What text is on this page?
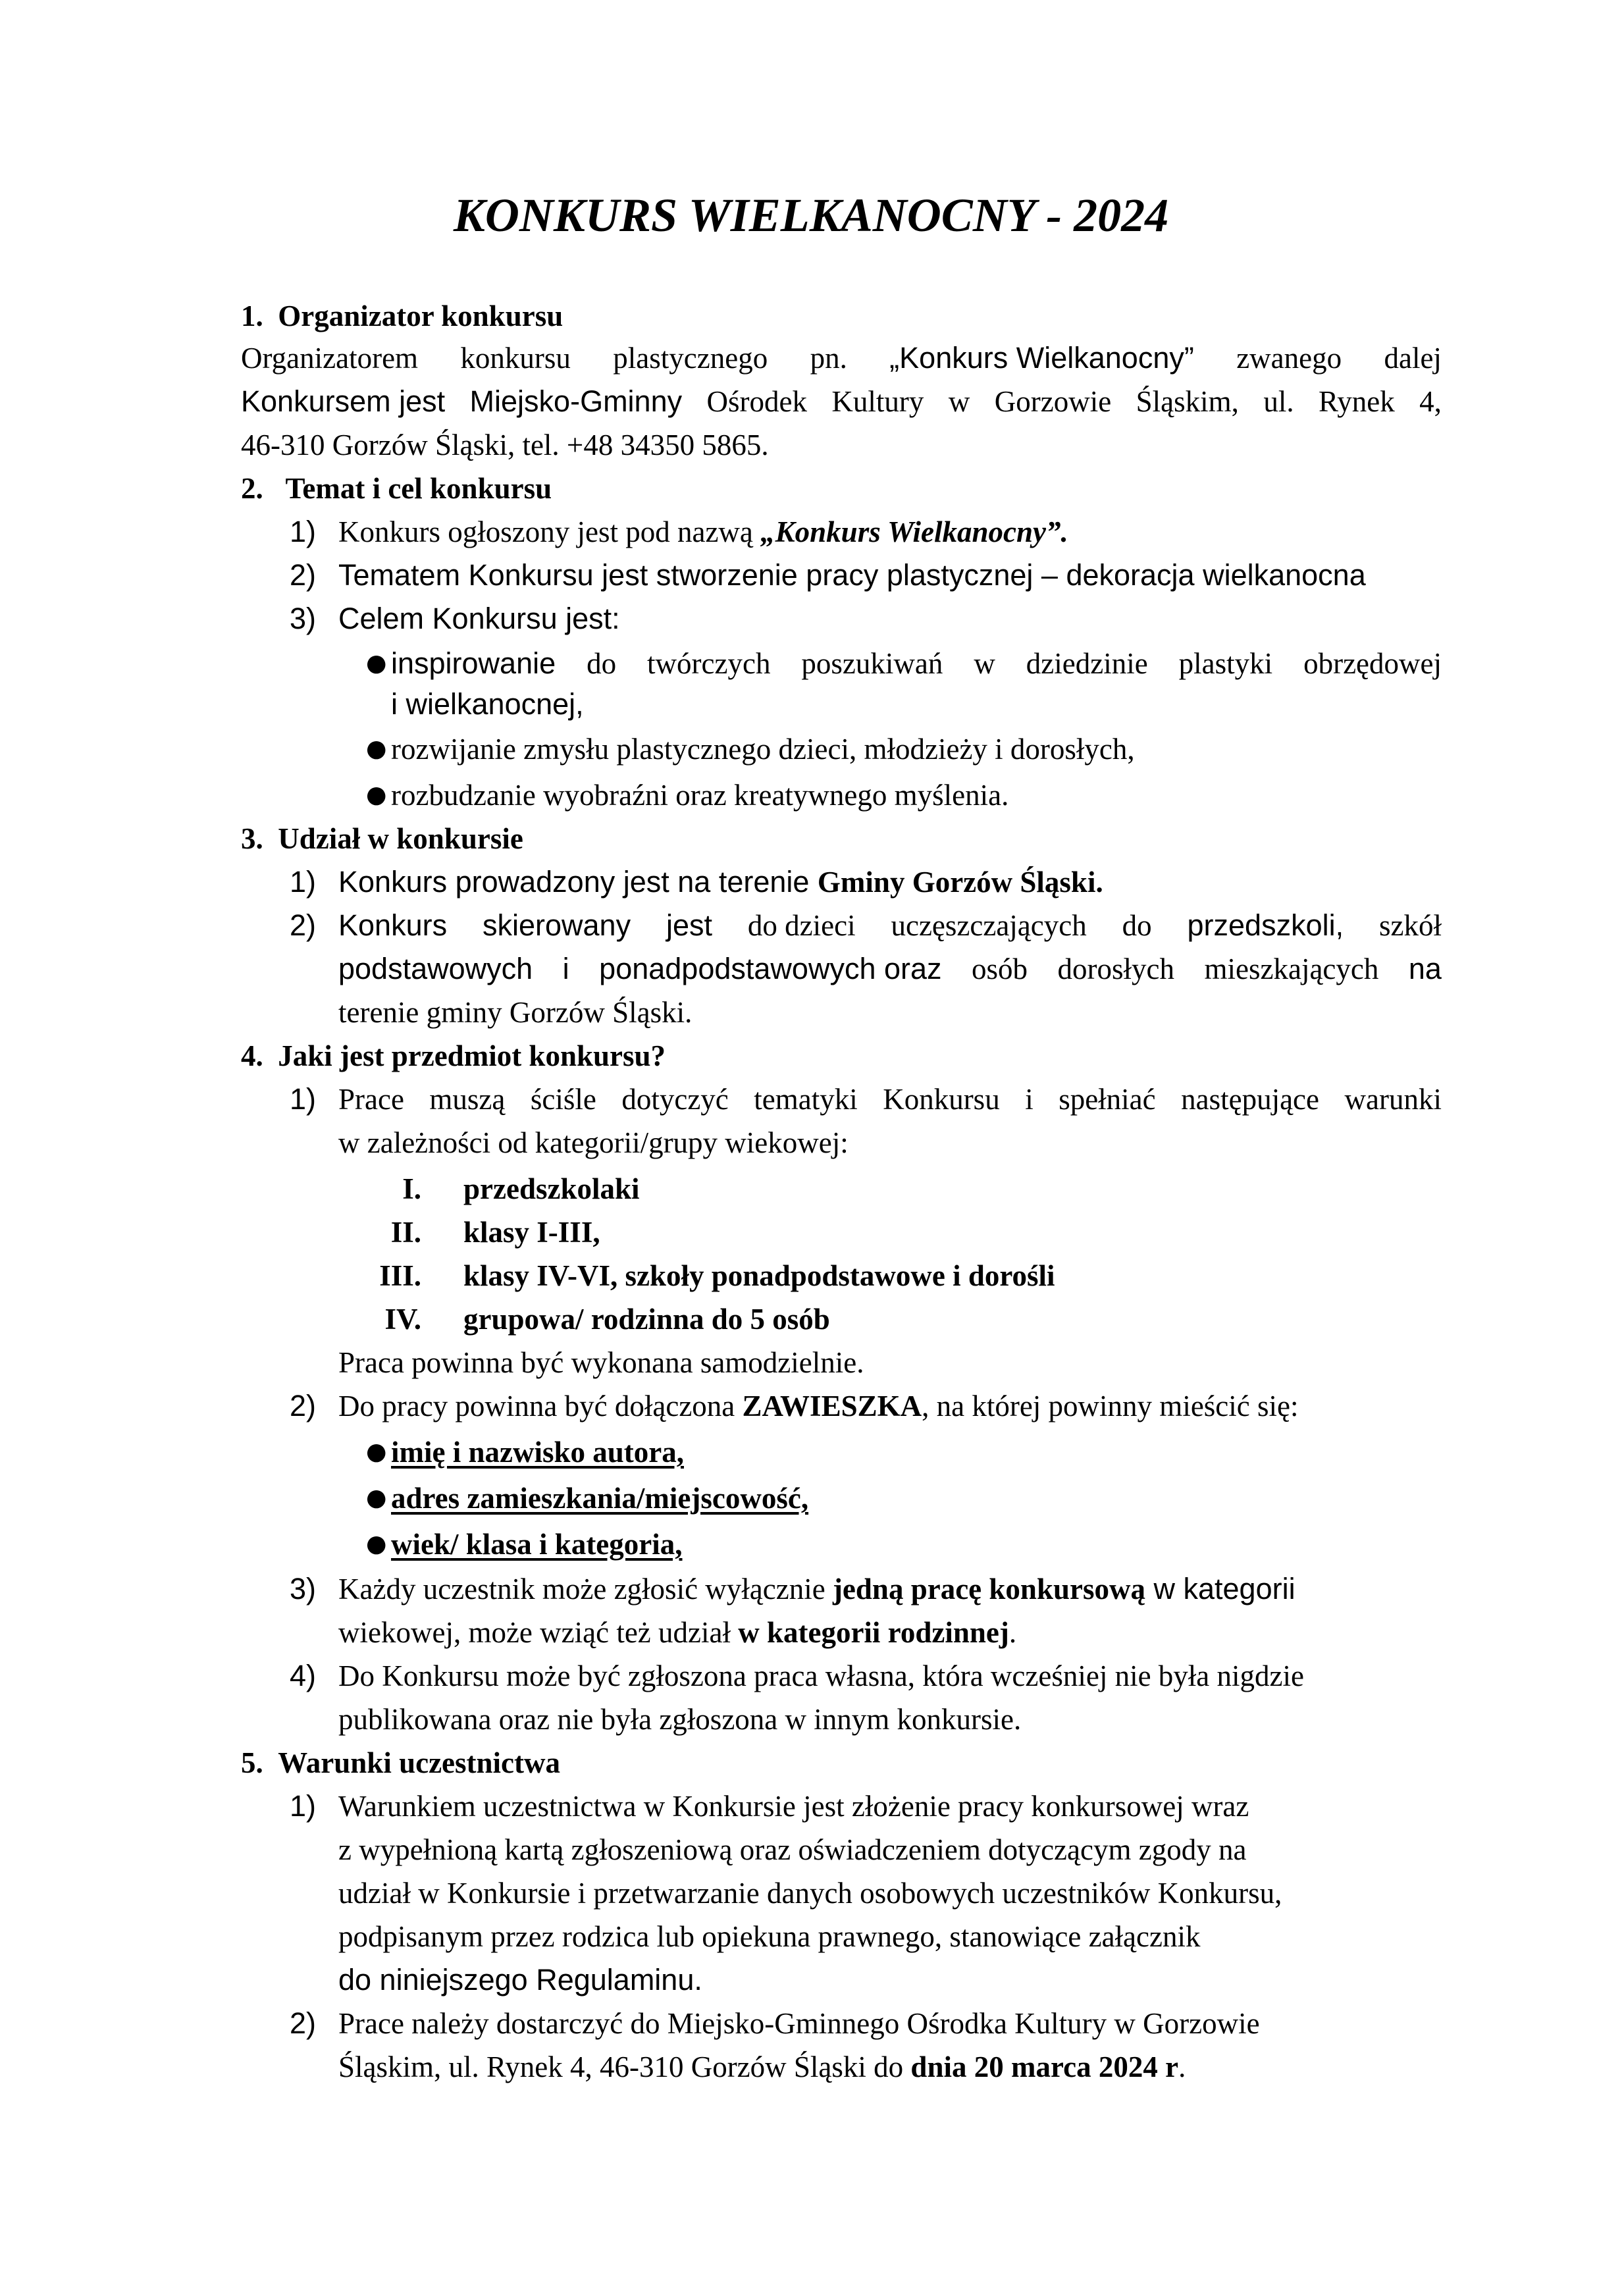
KONKURS WIELKANOCNY - 2024
1. Organizator konkursu
Organizatorem konkursu plastycznego pn. „Konkurs Wielkanocny” zwanego dalej
Konkursem jest Miejsko-Gminny Ośrodek Kultury w Gorzowie Śląskim, ul. Rynek 4,
46-310 Gorzów Śląski, tel. +48 34350 5865.
2. Temat i cel konkursu
1) Konkurs ogłoszony jest pod nazwą „Konkurs Wielkanocny”.
2) Tematem Konkursu jest stworzenie pracy plastycznej – dekoracja wielkanocna
3) Celem Konkursu jest:
● inspirowanie do twórczych poszukiwań w dziedzinie plastyki obrzędowej
i wielkanocnej,
● rozwijanie zmysłu plastycznego dzieci, młodzieży i dorosłych,
● rozbudzanie wyobraźni oraz kreatywnego myślenia.
3. Udział w konkursie
1) Konkurs prowadzony jest na terenie Gminy Gorzów Śląski.
2) Konkurs skierowany jest do dzieci uczęszczających do przedszkoli, szkół
podstawowych i ponadpodstawowych oraz osób dorosłych mieszkających na
terenie gminy Gorzów Śląski.
4. Jaki jest przedmiot konkursu?
1) Prace muszą ściśle dotyczyć tematyki Konkursu i spełniać następujące warunki
w zależności od kategorii/grupy wiekowej:
I. przedszkolaki
II. klasy I-III,
III. klasy IV-VI, szkoły ponadpodstawowe i dorośli
IV. grupowa/ rodzinna do 5 osób
Praca powinna być wykonana samodzielnie.
2) Do pracy powinna być dołączona ZAWIESZKA, na której powinny mieścić się:
● imię i nazwisko autora,
● adres zamieszkania/miejscowość,
● wiek/ klasa i kategoria,
3) Każdy uczestnik może zgłosić wyłącznie jedną pracę konkursową w kategorii
wiekowej, może wziąć też udział w kategorii rodzinnej.
4) Do Konkursu może być zgłoszona praca własna, która wcześniej nie była nigdzie
publikowana oraz nie była zgłoszona w innym konkursie.
5. Warunki uczestnictwa
1) Warunkiem uczestnictwa w Konkursie jest złożenie pracy konkursowej wraz
z wypełnioną kartą zgłoszeniową oraz oświadczeniem dotyczącym zgody na
udział w Konkursie i przetwarzanie danych osobowych uczestników Konkursu,
podpisanym przez rodzica lub opiekuna prawnego, stanowiące załącznik
do niniejszego Regulaminu.
2) Prace należy dostarczyć do Miejsko-Gminnego Ośrodka Kultury w Gorzowie
Śląskim, ul. Rynek 4, 46-310 Gorzów Śląski do dnia 20 marca 2024 r.
